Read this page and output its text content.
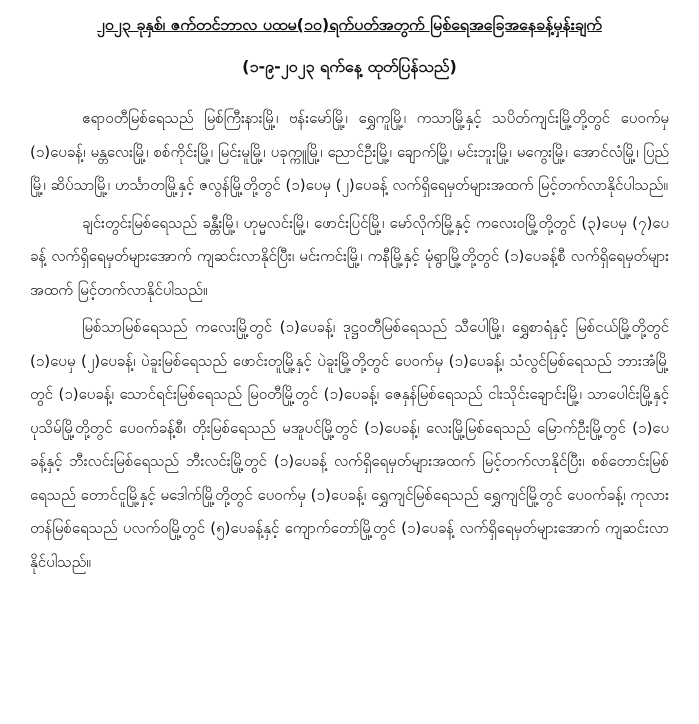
၂၀၂၃ ခုနှစ်၊ ဇက်တင်ဘာလ ပထမ(၁၀)ရက်ပတ်အတွက် မြစ်ရေအခြေအနေခန့်မှန်းချက်
(၁-၉-၂၀၂၃ ရက်နေ့ ထုတ်ပြန်သည်)

ဧရာဝတီမြစ်ရေသည် မြစ်ကြီးနားမြို့၊ ဗန်းမော်မြို့၊ ရွှေကူမြို့၊ ကသာမြို့နှင့် သပိတ်ကျင်းမြို့တို့တွင် ပေဝက်မှ (၁)ပေခန့်၊ မန္တလေးမြို့၊ စစ်ကိုင်းမြို့၊ မြင်းမူမြို့၊ ပခုက္ကူမြို့၊ ညောင်ဦးမြို့၊ ချောက်မြို့၊ မင်းဘူးမြို့၊ မကွေးမြို့၊ အောင်လံမြို့၊ ပြည်မြို့၊ ဆိပ်သာမြို့၊ ဟင်္သာတမြို့နှင့် ဇလွန်မြို့တို့တွင် (၁)ပေမှ (၂)ပေခန့် လက်ရှိရေမှတ်များအထက် မြင့်တက်လာနိုင်ပါသည်။

ချင်းတွင်းမြစ်ရေသည် ခန္တီးမြို့၊ ဟုမ္မလင်းမြို့၊ ဖောင်းပြင်မြို့၊ မော်လိုက်မြို့နှင့် ကလေးဝမြို့တို့တွင် (၃)ပေမှ (၇)ပေခန့် လက်ရှိရေမှတ်များအောက် ကျဆင်းလာနိုင်ပြီး၊ မင်းကင်းမြို့၊ ကနီမြို့နှင့် မုံရွာမြို့တို့တွင် (၁)ပေခန့်စီ လက်ရှိရေမှတ်များအထက် မြင့်တက်လာနိုင်ပါသည်။

မြစ်သာမြစ်ရေသည် ကလေးမြို့တွင် (၁)ပေခန့်၊ ဒုဋ္ဌဝတီမြစ်ရေသည် သီပေါမြို့၊ ရွှေစာရံနှင့် မြစ်ငယ်မြို့တို့တွင် (၁)ပေမှ (၂)ပေခန့်၊ ပဲခူးမြစ်ရေသည် ဖောင်းတူမြို့နှင့် ပဲခူးမြို့တို့တွင် ပေဝက်မှ (၁)ပေခန့်၊ သံလွင်မြစ်ရေသည် ဘားအံမြို့တွင် (၁)ပေခန့်၊ သောင်ရင်းမြစ်ရေသည် မြဝတီမြို့တွင် (၁)ပေခန့်၊ ဇေနှန်မြစ်ရေသည် ငါးသိုင်းချောင်းမြို့၊ သာပေါင်းမြို့နှင့် ပုသိမ်မြို့တို့တွင် ပေဝက်ခန့်စီ၊ တိုးမြစ်ရေသည် မအူပင်မြို့တွင် (၁)ပေခန့်၊ လေးမြို့မြစ်ရေသည် မြောက်ဦးမြို့တွင် (၁)ပေခန့်နှင့် ဘီးလင်းမြစ်ရေသည် ဘီးလင်းမြို့တွင် (၁)ပေခန့် လက်ရှိရေမှတ်များအထက် မြင့်တက်လာနိုင်ပြီး၊ စစ်တောင်းမြစ်ရေသည် တောင်ငူမြို့နှင့် မဒေါက်မြို့တို့တွင် ပေဝက်မှ (၁)ပေခန့်၊ ရွှေကျင်မြစ်ရေသည် ရွှေကျင်မြို့တွင် ပေဝက်ခန့်၊ ကုလားတန်မြစ်ရေသည် ပလက်ဝမြို့တွင် (၅)ပေခန့်နှင့် ကျောက်တော်မြို့တွင် (၁)ပေခန့် လက်ရှိရေမှတ်များအောက် ကျဆင်းလာနိုင်ပါသည်။
